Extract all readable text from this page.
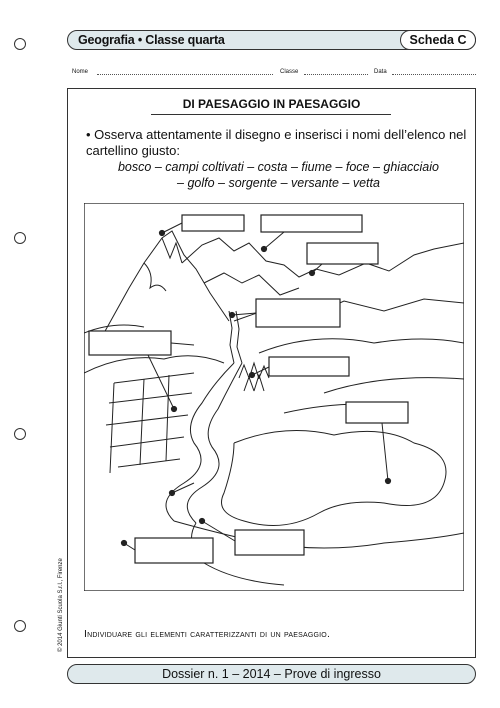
Geografia • Classe quarta	Scheda C
Nome	Classe	Data
DI PAESAGGIO IN PAESAGGIO
• Osserva attentamente il disegno e inserisci i nomi dell’elenco nel cartellino giusto:
bosco – campi coltivati – costa – fiume – foce – ghiacciaio
– golfo – sorgente – versante – vetta
Individuare gli elementi caratterizzanti di un paesaggio.
Dossier n. 1 – 2014 – Prove di ingresso
© 2014 Giunti Scuola S.r.l., Firenze
